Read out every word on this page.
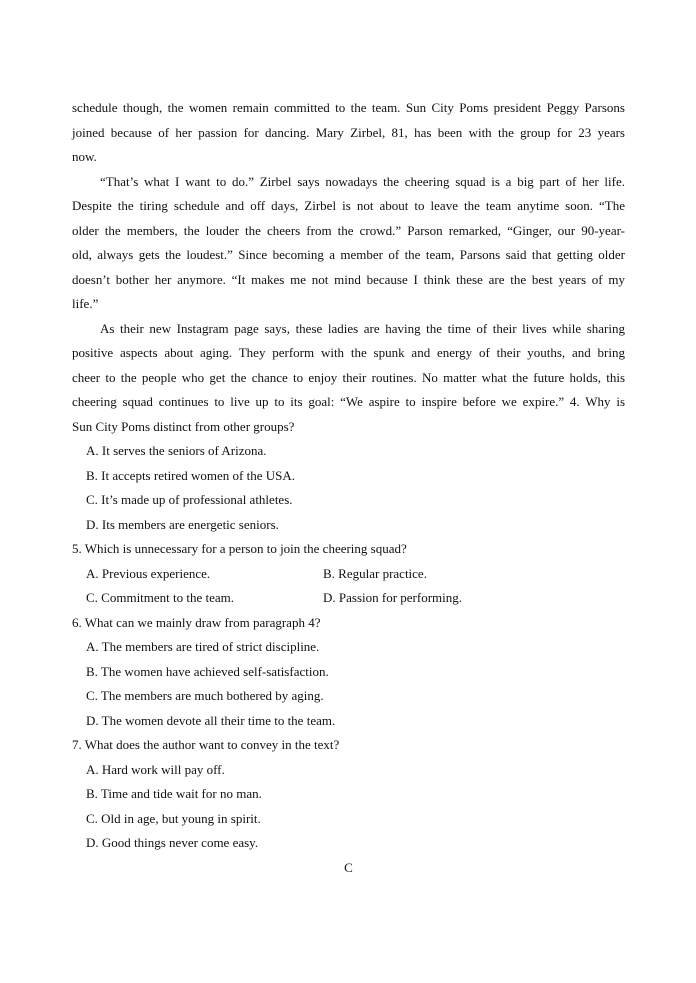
schedule though, the women remain committed to the team. Sun City Poms president Peggy Parsons
joined because of her passion for dancing. Mary Zirbel, 81, has been with the group for 23 years
now.
“That’s what I want to do.” Zirbel says nowadays the cheering squad is a big part of her life.
Despite the tiring schedule and off days, Zirbel is not about to leave the team anytime soon. “The
older the members, the louder the cheers from the crowd.” Parson remarked, “Ginger, our 90-year-
old, always gets the loudest.” Since becoming a member of the team, Parsons said that getting older
doesn’t bother her anymore. “It makes me not mind because I think these are the best years of my
life.”
As their new Instagram page says, these ladies are having the time of their lives while sharing
positive aspects about aging. They perform with the spunk and energy of their youths, and bring
cheer to the people who get the chance to enjoy their routines. No matter what the future holds, this
cheering squad continues to live up to its goal: “We aspire to inspire before we expire.” 4. Why is
Sun City Poms distinct from other groups?
A. It serves the seniors of Arizona.
B. It accepts retired women of the USA.
C. It’s made up of professional athletes.
D. Its members are energetic seniors.
5. Which is unnecessary for a person to join the cheering squad?
A. Previous experience.	B. Regular practice.
C. Commitment to the team.	D. Passion for performing.
6. What can we mainly draw from paragraph 4?
A. The members are tired of strict discipline.
B. The women have achieved self-satisfaction.
C. The members are much bothered by aging.
D. The women devote all their time to the team.
7. What does the author want to convey in the text?
A. Hard work will pay off.
B. Time and tide wait for no man.
C. Old in age, but young in spirit.
D. Good things never come easy.
C
